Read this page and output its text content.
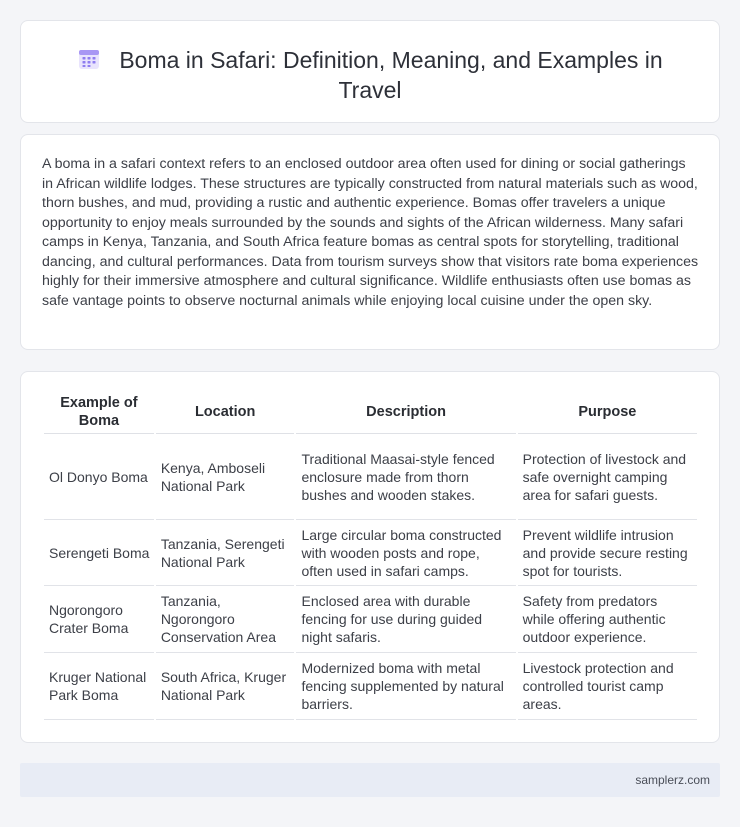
Boma in Safari: Definition, Meaning, and Examples in Travel

A boma in a safari context refers to an enclosed outdoor area often used for dining or social gatherings in African wildlife lodges. These structures are typically constructed from natural materials such as wood, thorn bushes, and mud, providing a rustic and authentic experience. Bomas offer travelers a unique opportunity to enjoy meals surrounded by the sounds and sights of the African wilderness. Many safari camps in Kenya, Tanzania, and South Africa feature bomas as central spots for storytelling, traditional dancing, and cultural performances. Data from tourism surveys show that visitors rate boma experiences highly for their immersive atmosphere and cultural significance. Wildlife enthusiasts often use bomas as safe vantage points to observe nocturnal animals while enjoying local cuisine under the open sky.

Example of Boma	Location	Description	Purpose
Ol Donyo Boma	Kenya, Amboseli National Park	Traditional Maasai-style fenced enclosure made from thorn bushes and wooden stakes.	Protection of livestock and safe overnight camping area for safari guests.
Serengeti Boma	Tanzania, Serengeti National Park	Large circular boma constructed with wooden posts and rope, often used in safari camps.	Prevent wildlife intrusion and provide secure resting spot for tourists.
Ngorongoro Crater Boma	Tanzania, Ngorongoro Conservation Area	Enclosed area with durable fencing for use during guided night safaris.	Safety from predators while offering authentic outdoor experience.
Kruger National Park Boma	South Africa, Kruger National Park	Modernized boma with metal fencing supplemented by natural barriers.	Livestock protection and controlled tourist camp areas.
samplerz.com
